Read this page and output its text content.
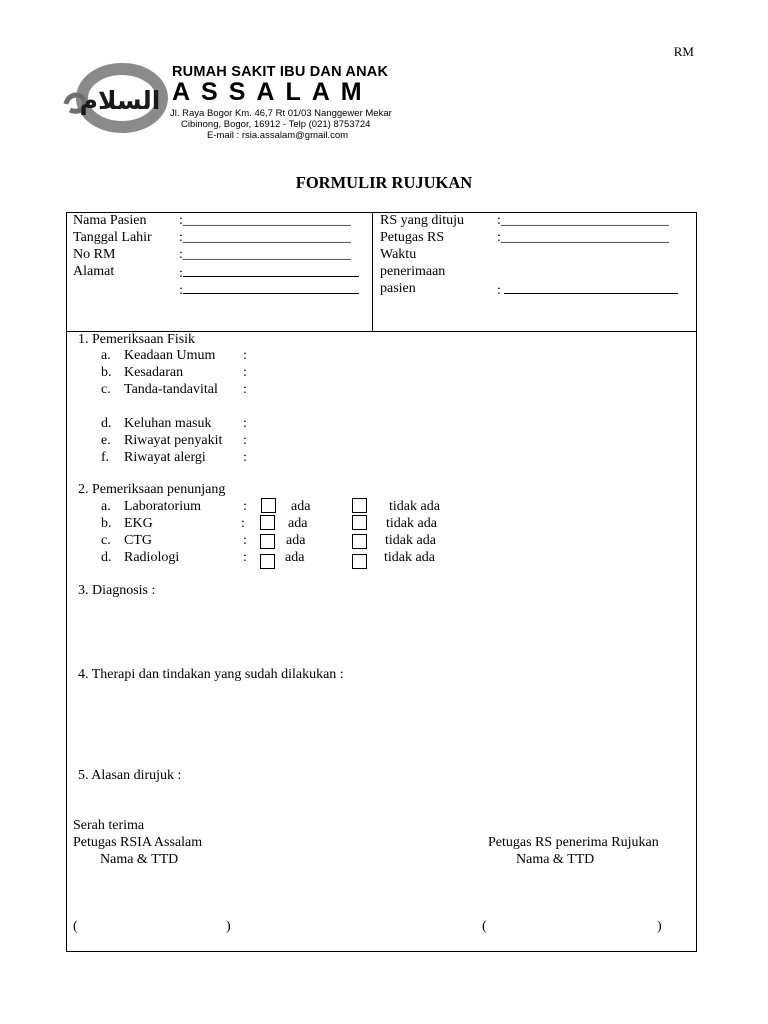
RM
السلام
RUMAH SAKIT IBU DAN ANAK
ASSALAM
Jl. Raya Bogor Km. 46,7 Rt 01/03 Nanggewer Mekar
Cibinong, Bogor, 16912 - Telp (021) 8753724
E-mail : rsia.assalam@gmail.com
FORMULIR RUJUKAN
Nama Pasien :________________________
Tanggal Lahir :________________________
No RM	:________________________
Alamat	:
:
RS yang dituju :________________________
Petugas RS	:________________________
Waktu
penerimaan
pasien	:
1. Pemeriksaan Fisik
a. Keadaan Umum :
b. Kesadaran	:
c. Tanda-tandavital :
d. Keluhan masuk :
e. Riwayat penyakit :
f. Riwayat alergi	:
2. Pemeriksaan penunjang
a. Laboratorium	:	ada	tidak ada
b. EKG	:	ada	tidak ada
c. CTG	:	ada	tidak ada
d. Radiologi	:	ada	tidak ada
3. Diagnosis :
4. Therapi dan tindakan yang sudah dilakukan :
5. Alasan dirujuk :
Serah terima
Petugas RSIA Assalam
Nama & TTD
Petugas RS penerima Rujukan
Nama & TTD
(	)	(	)
